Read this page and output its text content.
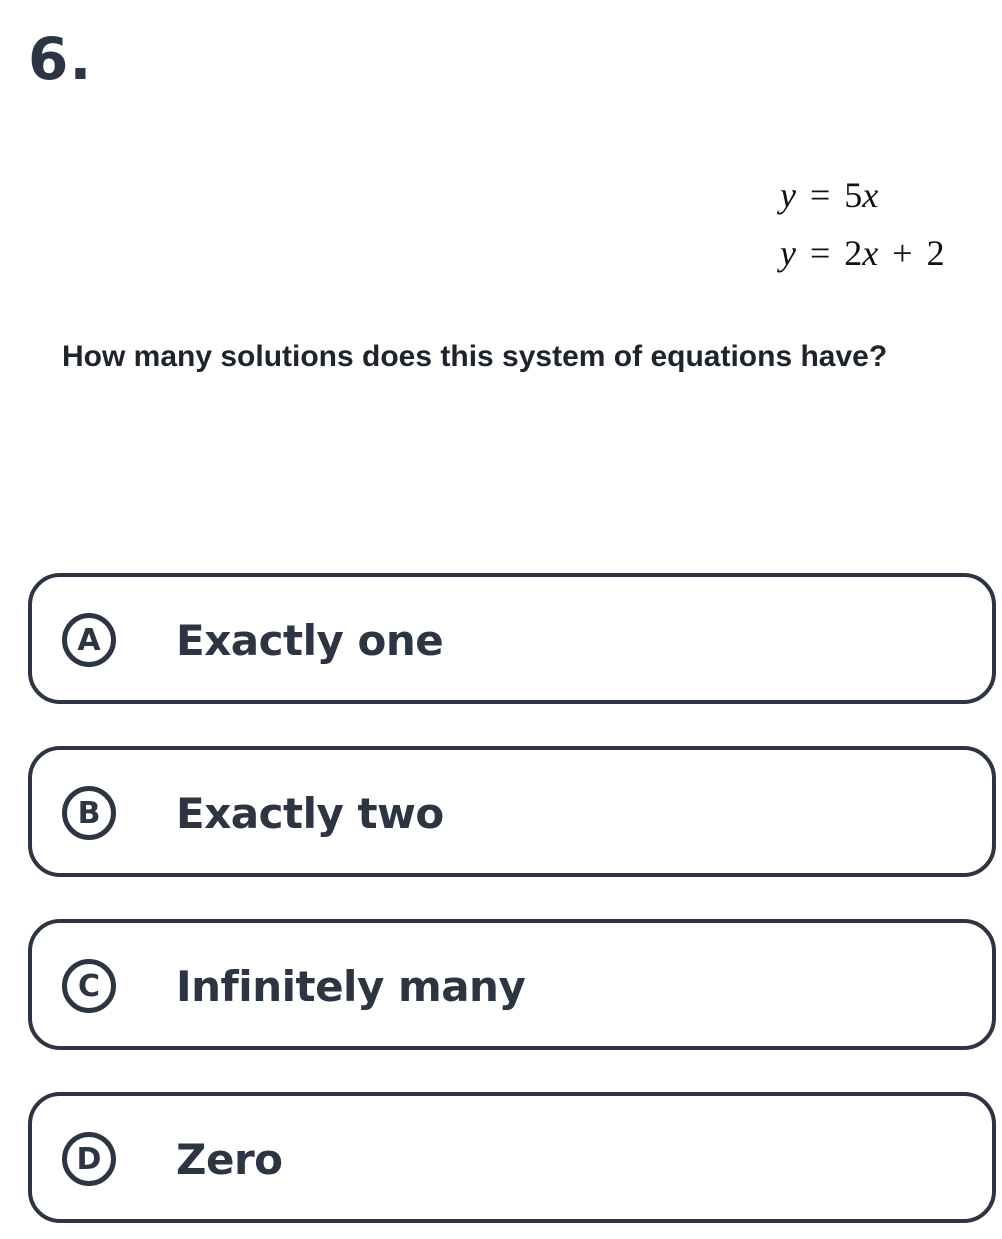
6.
y = 5x
y = 2x + 2
How many solutions does this system of equations have?
A	Exactly one
B	Exactly two
C	Infinitely many
D	Zero
